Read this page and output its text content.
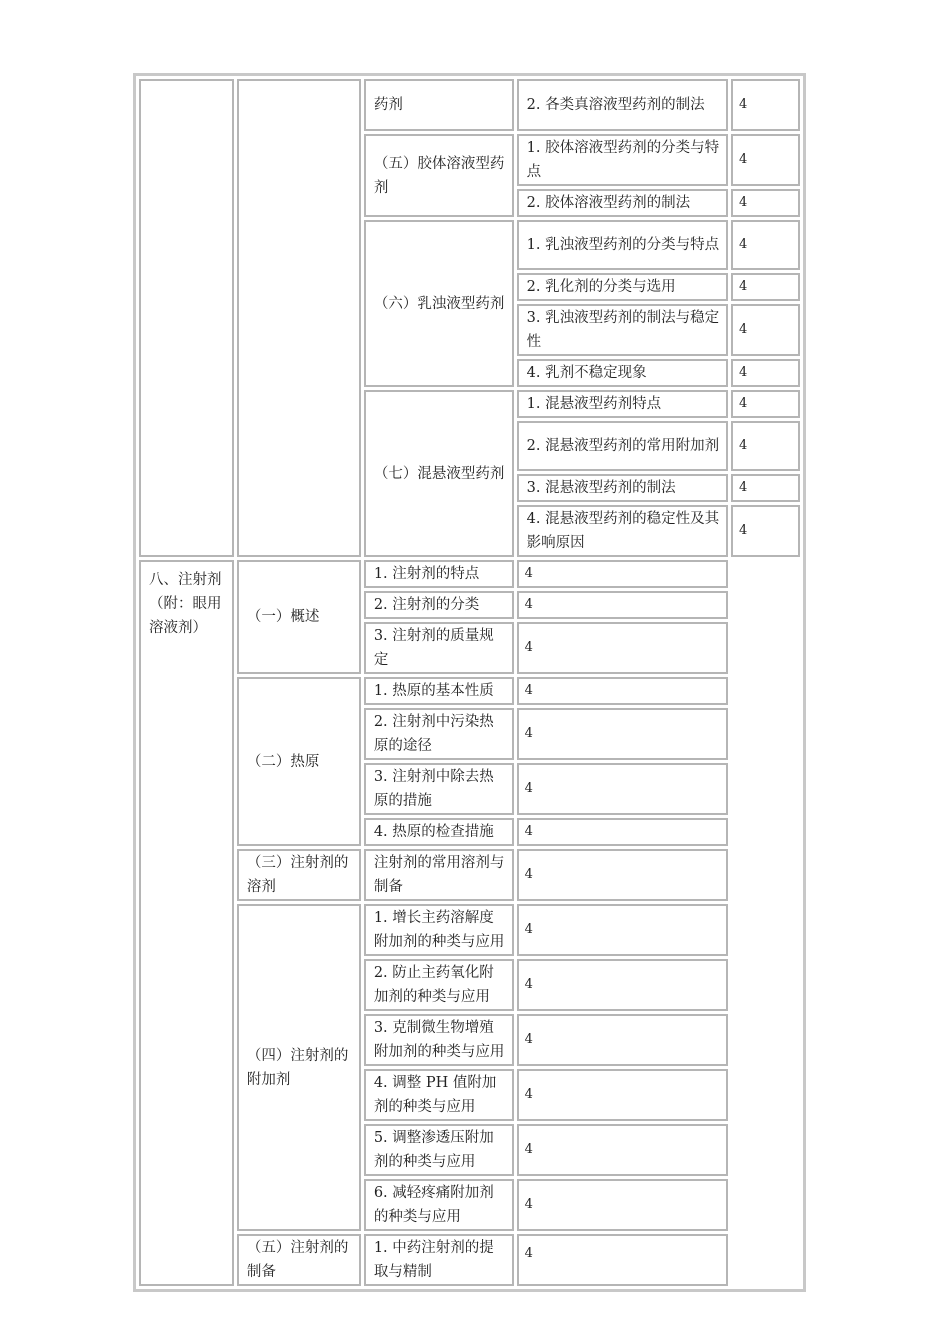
		药剂	2. 各类真溶液型药剂的制法	4
		（五）胶体溶液型药剂	1. 胶体溶液型药剂的分类与特点	4
			2. 胶体溶液型药剂的制法	4
		（六）乳浊液型药剂	1. 乳浊液型药剂的分类与特点	4
			2. 乳化剂的分类与选用	4
			3. 乳浊液型药剂的制法与稳定性	4
			4. 乳剂不稳定现象	4
		（七）混悬液型药剂	1. 混悬液型药剂特点	4
			2. 混悬液型药剂的常用附加剂	4
			3. 混悬液型药剂的制法	4
			4. 混悬液型药剂的稳定性及其影响原因	4
八、注射剂（附：眼用溶液剂）	（一）概述	1. 注射剂的特点	4	
		2. 注射剂的分类	4	
		3. 注射剂的质量规定	4	
	（二）热原	1. 热原的基本性质	4	
		2. 注射剂中污染热原的途径	4	
		3. 注射剂中除去热原的措施	4	
		4. 热原的检查措施	4	
	（三）注射剂的溶剂	注射剂的常用溶剂与制备	4	
	（四）注射剂的附加剂	1. 增长主药溶解度附加剂的种类与应用	4	
		2. 防止主药氧化附加剂的种类与应用	4	
		3. 克制微生物增殖附加剂的种类与应用	4	
		4. 调整 PH 值附加剂的种类与应用	4	
		5. 调整渗透压附加剂的种类与应用	4	
		6. 减轻疼痛附加剂的种类与应用	4	
	（五）注射剂的制备	1. 中药注射剂的提取与精制	4	
